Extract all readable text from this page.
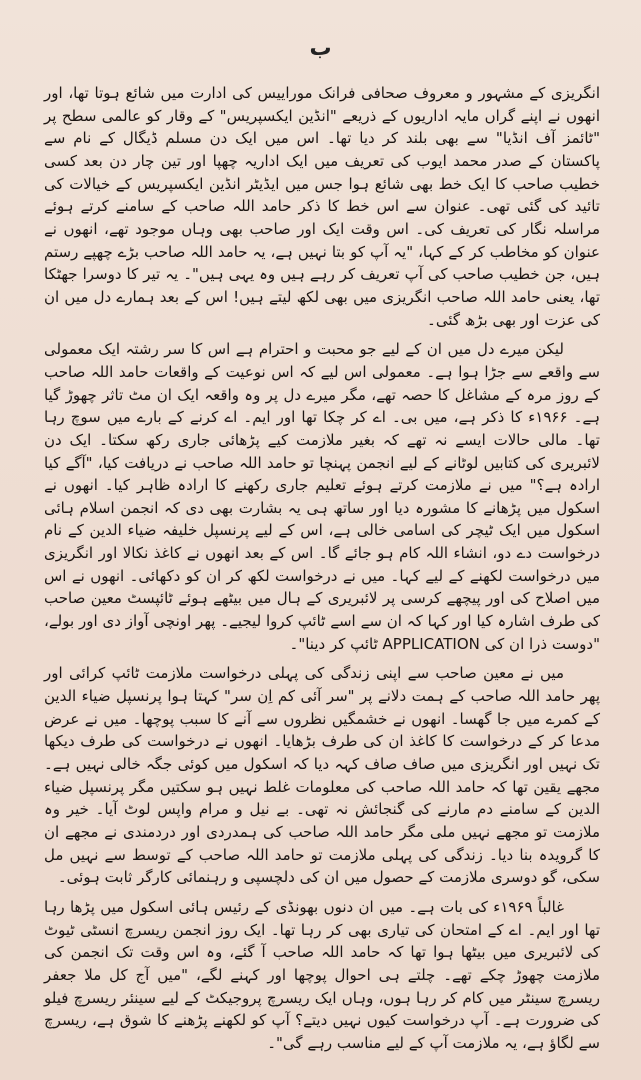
ب

انگریزی کے مشہور و معروف صحافی فرانک موراییس کی ادارت میں شائع ہوتا تھا، اور انھوں نے اپنے گراں مایہ اداریوں کے ذریعے "انڈین ایکسپریس" کے وقار کو عالمی سطح پر "ٹائمز آف انڈیا" سے بھی بلند کر دیا تھا۔ اس میں ایک دن مسلم ڈیگال کے نام سے پاکستان کے صدر محمد ایوب کی تعریف میں ایک اداریہ چھپا اور تین چار دن بعد کسی خطیب صاحب کا ایک خط بھی شائع ہوا جس میں ایڈیٹر انڈین ایکسپریس کے خیالات کی تائید کی گئی تھی۔ عنوان سے اس خط کا ذکر حامد اللہ صاحب کے سامنے کرتے ہوئے مراسلہ نگار کی تعریف کی۔ اس وقت ایک اور صاحب بھی وہاں موجود تھے، انھوں نے عنوان کو مخاطب کر کے کہا، "یہ آپ کو بتا نہیں ہے، یہ حامد اللہ صاحب بڑے چھپے رستم ہیں، جن خطیب صاحب کی آپ تعریف کر رہے ہیں وہ یہی ہیں"۔ یہ تیر کا دوسرا جھٹکا تھا، یعنی حامد اللہ صاحب انگریزی میں بھی لکھ لیتے ہیں! اس کے بعد ہمارے دل میں ان کی عزت اور بھی بڑھ گئی۔

لیکن میرے دل میں ان کے لیے جو محبت و احترام ہے اس کا سر رشتہ ایک معمولی سے واقعے سے جڑا ہوا ہے۔ معمولی اس لیے کہ اس نوعیت کے واقعات حامد اللہ صاحب کے روز مرہ کے مشاغل کا حصہ تھے، مگر میرے دل پر وہ واقعہ ایک ان مٹ تاثر چھوڑ گیا ہے۔ ۱۹۶۶ء کا ذکر ہے، میں بی۔ اے کر چکا تھا اور ایم۔ اے کرنے کے بارے میں سوچ رہا تھا۔ مالی حالات ایسے نہ تھے کہ بغیر ملازمت کیے پڑھائی جاری رکھ سکتا۔ ایک دن لائبریری کی کتابیں لوٹانے کے لیے انجمن پہنچا تو حامد اللہ صاحب نے دریافت کیا، "آگے کیا ارادہ ہے؟" میں نے ملازمت کرتے ہوئے تعلیم جاری رکھنے کا ارادہ ظاہر کیا۔ انھوں نے اسکول میں پڑھانے کا مشورہ دیا اور ساتھ ہی یہ بشارت بھی دی کہ انجمن اسلام ہائی اسکول میں ایک ٹیچر کی اسامی خالی ہے، اس کے لیے پرنسپل خلیفہ ضیاء الدین کے نام درخواست دے دو، انشاء اللہ کام ہو جائے گا۔ اس کے بعد انھوں نے کاغذ نکالا اور انگریزی میں درخواست لکھنے کے لیے کہا۔ میں نے درخواست لکھ کر ان کو دکھائی۔ انھوں نے اس میں اصلاح کی اور پیچھے کرسی پر لائبریری کے ہال میں بیٹھے ہوئے ٹائپسٹ معین صاحب کی طرف اشارہ کیا اور کہا کہ ان سے اسے ٹائپ کروا لیجیے۔ پھر اونچی آواز دی اور بولے، "دوست ذرا ان کی APPLICATION ٹائپ کر دینا"۔

میں نے معین صاحب سے اپنی زندگی کی پہلی درخواست ملازمت ٹائپ کرائی اور پھر حامد اللہ صاحب کے ہمت دلانے پر "سر آئی کم اِن سر" کہتا ہوا پرنسپل ضیاء الدین کے کمرے میں جا گھسا۔ انھوں نے خشمگیں نظروں سے آنے کا سبب پوچھا۔ میں نے عرض مدعا کر کے درخواست کا کاغذ ان کی طرف بڑھایا۔ انھوں نے درخواست کی طرف دیکھا تک نہیں اور انگریزی میں صاف صاف کہہ دیا کہ اسکول میں کوئی جگہ خالی نہیں ہے۔ مجھے یقین تھا کہ حامد اللہ صاحب کی معلومات غلط نہیں ہو سکتیں مگر پرنسپل ضیاء الدین کے سامنے دم مارنے کی گنجائش نہ تھی۔ بے نیل و مرام واپس لوٹ آیا۔ خیر وہ ملازمت تو مجھے نہیں ملی مگر حامد اللہ صاحب کی ہمدردی اور دردمندی نے مجھے ان کا گرویدہ بنا دیا۔ زندگی کی پہلی ملازمت تو حامد اللہ صاحب کے توسط سے نہیں مل سکی، گو دوسری ملازمت کے حصول میں ان کی دلچسپی و رہنمائی کارگر ثابت ہوئی۔

غالباً ۱۹۶۹ء کی بات ہے۔ میں ان دنوں بھونڈی کے رئیس ہائی اسکول میں پڑھا رہا تھا اور ایم۔ اے کے امتحان کی تیاری بھی کر رہا تھا۔ ایک روز انجمن ریسرچ انسٹی ٹیوٹ کی لائبریری میں بیٹھا ہوا تھا کہ حامد اللہ صاحب آ گئے، وہ اس وقت تک انجمن کی ملازمت چھوڑ چکے تھے۔ چلتے ہی احوال پوچھا اور کہنے لگے، "میں آج کل ملا جعفر ریسرچ سینٹر میں کام کر رہا ہوں، وہاں ایک ریسرچ پروجیکٹ کے لیے سینئر ریسرچ فیلو کی ضرورت ہے۔ آپ درخواست کیوں نہیں دیتے؟ آپ کو لکھنے پڑھنے کا شوق ہے، ریسرچ سے لگاؤ ہے، یہ ملازمت آپ کے لیے مناسب رہے گی"۔
